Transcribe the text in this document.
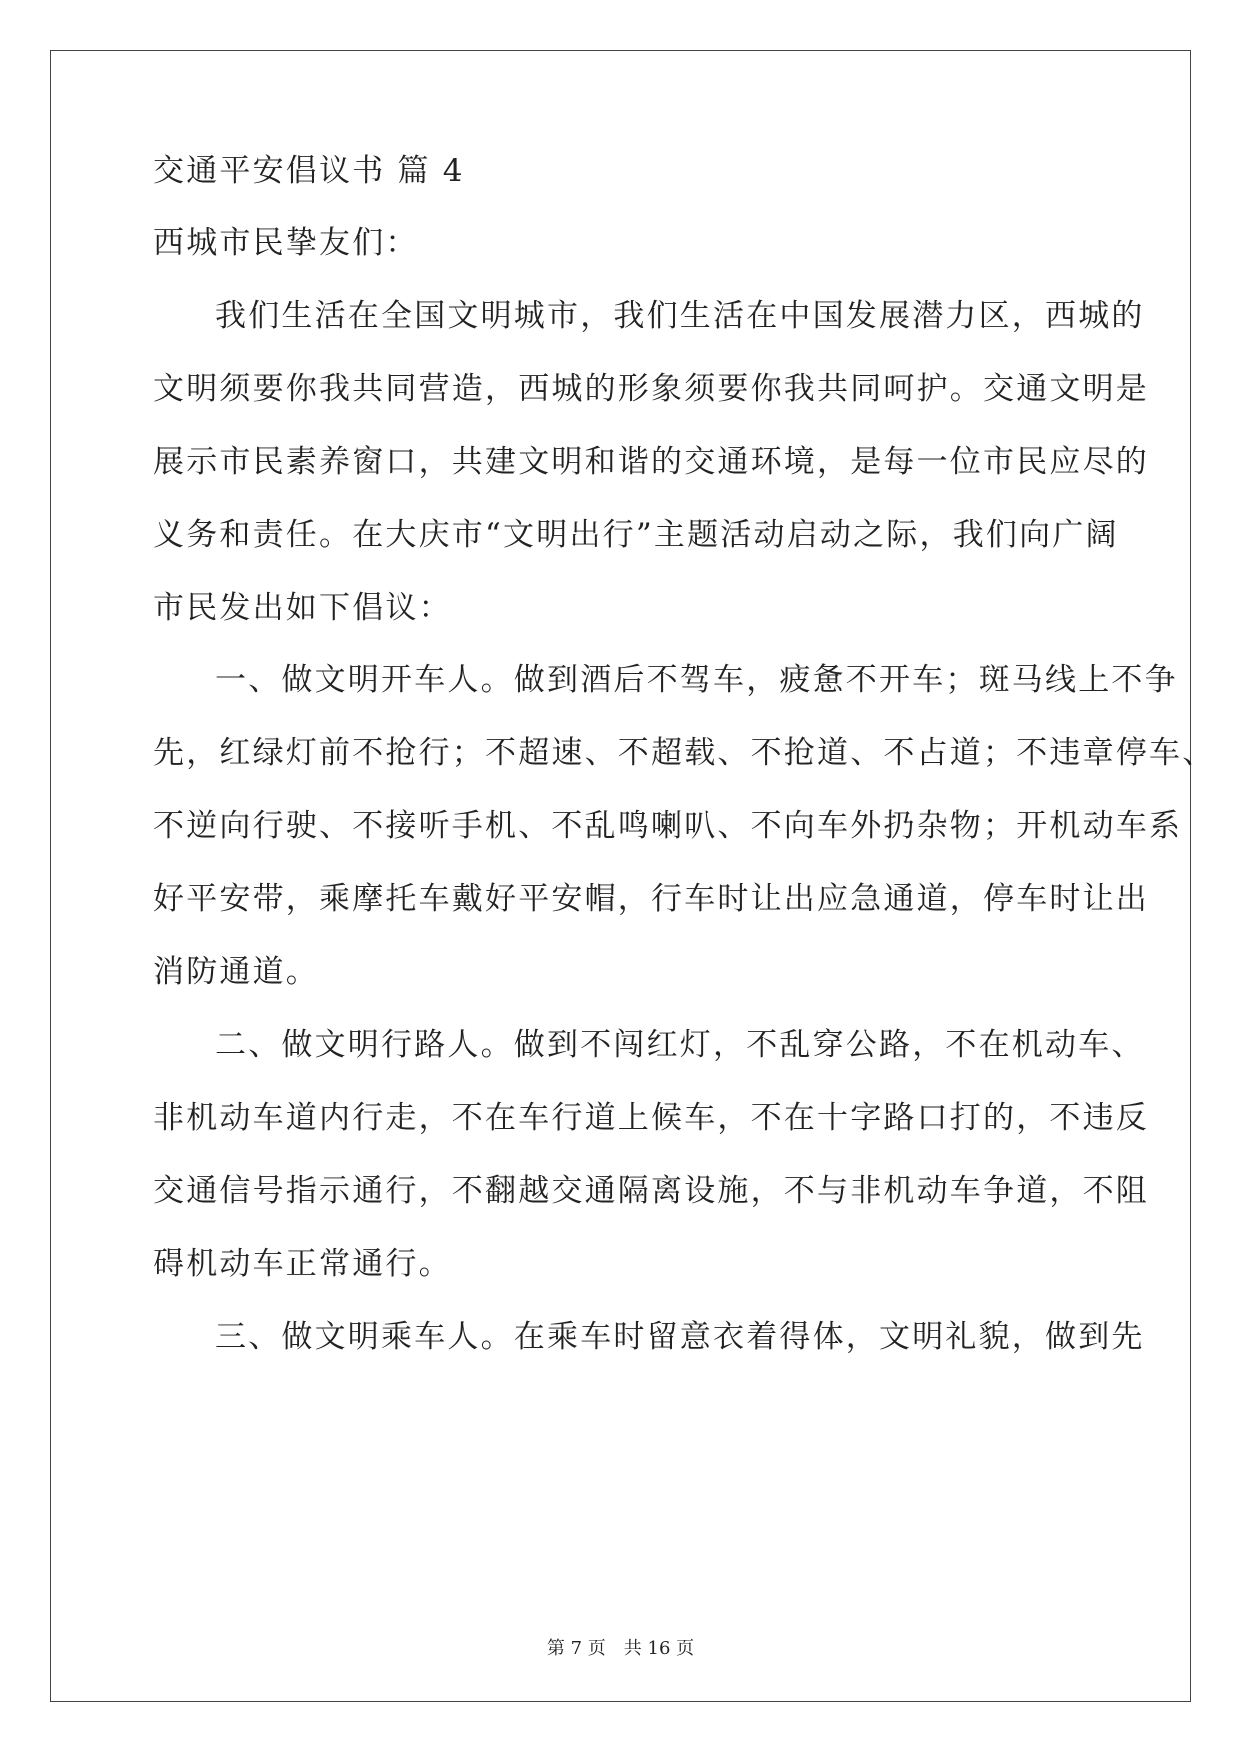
交通平安倡议书 篇 4
西城市民挚友们：
我们生活在全国文明城市，我们生活在中国发展潜力区，西城的
文明须要你我共同营造，西城的形象须要你我共同呵护。交通文明是
展示市民素养窗口，共建文明和谐的交通环境，是每一位市民应尽的
义务和责任。在大庆市“文明出行”主题活动启动之际，我们向广阔
市民发出如下倡议：
一、做文明开车人。做到酒后不驾车，疲惫不开车；斑马线上不争
先，红绿灯前不抢行；不超速、不超载、不抢道、不占道；不违章停车、
不逆向行驶、不接听手机、不乱鸣喇叭、不向车外扔杂物；开机动车系
好平安带，乘摩托车戴好平安帽，行车时让出应急通道，停车时让出
消防通道。
二、做文明行路人。做到不闯红灯，不乱穿公路，不在机动车、
非机动车道内行走，不在车行道上候车，不在十字路口打的，不违反
交通信号指示通行，不翻越交通隔离设施，不与非机动车争道，不阻
碍机动车正常通行。
三、做文明乘车人。在乘车时留意衣着得体，文明礼貌，做到先
第 7 页　共 16 页
